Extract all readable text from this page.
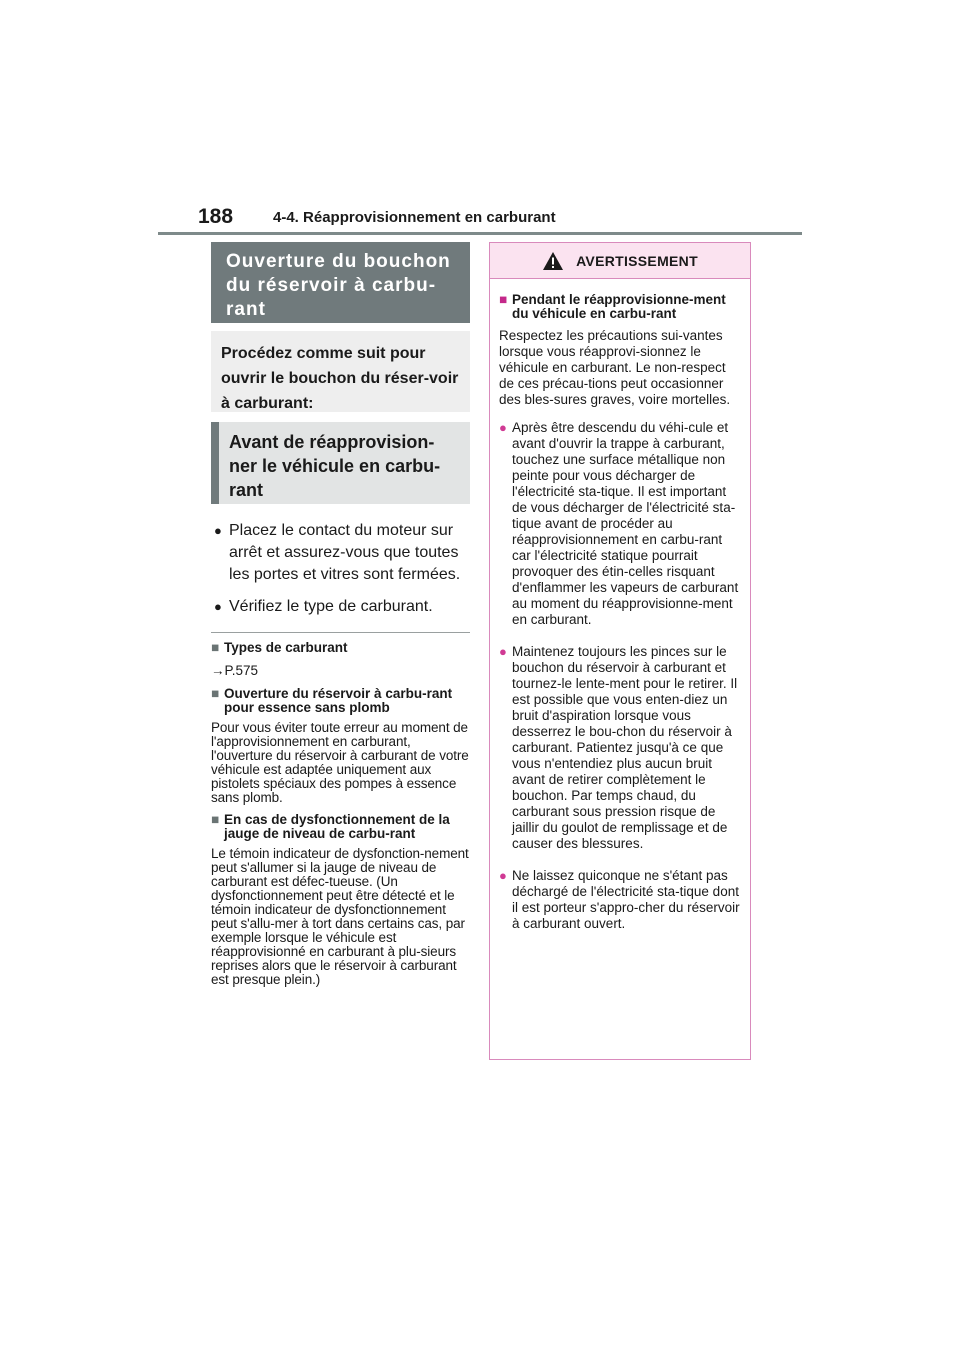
188	4-4. Réapprovisionnement en carburant
Ouverture du bouchon du réservoir à carbu-rant
Procédez comme suit pour ouvrir le bouchon du réser-voir à carburant:
Avant de réapprovision-ner le véhicule en carbu-rant
● Placez le contact du moteur sur arrêt et assurez-vous que toutes les portes et vitres sont fermées.
● Vérifiez le type de carburant.
■ Types de carburant
→P.575
■ Ouverture du réservoir à carbu-rant pour essence sans plomb
Pour vous éviter toute erreur au moment de l'approvisionnement en carburant, l'ouverture du réservoir à carburant de votre véhicule est adaptée uniquement aux pistolets spéciaux des pompes à essence sans plomb.
■ En cas de dysfonctionnement de la jauge de niveau de carbu-rant
Le témoin indicateur de dysfonction-nement peut s'allumer si la jauge de niveau de carburant est défec-tueuse. (Un dysfonctionnement peut être détecté et le témoin indicateur de dysfonctionnement peut s'allu-mer à tort dans certains cas, par exemple lorsque le véhicule est réapprovisionné en carburant à plu-sieurs reprises alors que le réservoir à carburant est presque plein.)
AVERTISSEMENT
■ Pendant le réapprovisionne-ment du véhicule en carbu-rant
Respectez les précautions sui-vantes lorsque vous réapprovi-sionnez le véhicule en carburant. Le non-respect de ces précau-tions peut occasionner des bles-sures graves, voire mortelles.
● Après être descendu du véhi-cule et avant d'ouvrir la trappe à carburant, touchez une surface métallique non peinte pour vous décharger de l'électricité sta-tique. Il est important de vous décharger de l'électricité sta-tique avant de procéder au réapprovisionnement en carbu-rant car l'électricité statique pourrait provoquer des étin-celles risquant d'enflammer les vapeurs de carburant au moment du réapprovisionne-ment en carburant.
● Maintenez toujours les pinces sur le bouchon du réservoir à carburant et tournez-le lente-ment pour le retirer. Il est possible que vous enten-diez un bruit d'aspiration lorsque vous desserrez le bou-chon du réservoir à carburant. Patientez jusqu'à ce que vous n'entendiez plus aucun bruit avant de retirer complètement le bouchon. Par temps chaud, du carburant sous pression risque de jaillir du goulot de remplissage et de causer des blessures.
● Ne laissez quiconque ne s'étant pas déchargé de l'électricité sta-tique dont il est porteur s'appro-cher du réservoir à carburant ouvert.
